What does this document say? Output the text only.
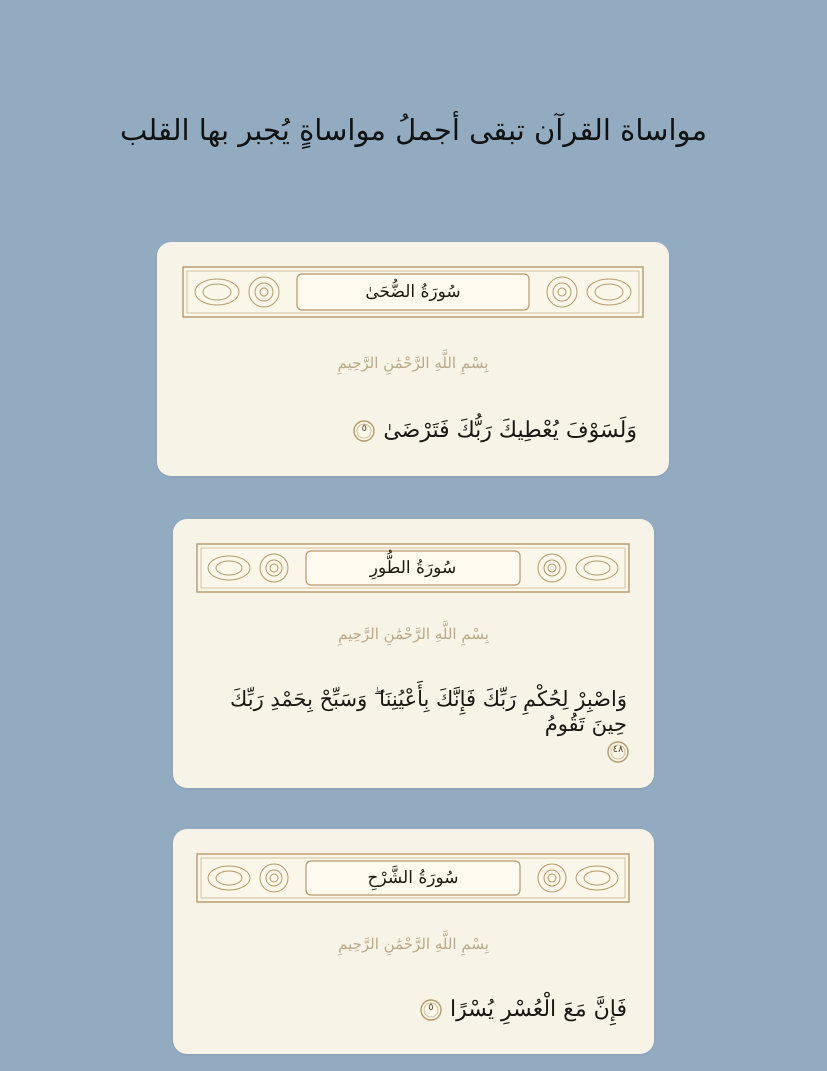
مواساة القرآن تبقى أجملُ مواساةٍ يُجبر بها القلب
سُورَةُ الضُّحَىٰ
بِسْمِ اللَّهِ الرَّحْمَٰنِ الرَّحِيمِ
وَلَسَوْفَ يُعْطِيكَ رَبُّكَ فَتَرْضَىٰ
٥
سُورَةُ الطُّورِ
بِسْمِ اللَّهِ الرَّحْمَٰنِ الرَّحِيمِ
وَاصْبِرْ لِحُكْمِ رَبِّكَ فَإِنَّكَ بِأَعْيُنِنَا ۖ وَسَبِّحْ بِحَمْدِ رَبِّكَ حِينَ تَقُومُ
٤٨
سُورَةُ الشَّرْحِ
بِسْمِ اللَّهِ الرَّحْمَٰنِ الرَّحِيمِ
فَإِنَّ مَعَ الْعُسْرِ يُسْرًا
٥
